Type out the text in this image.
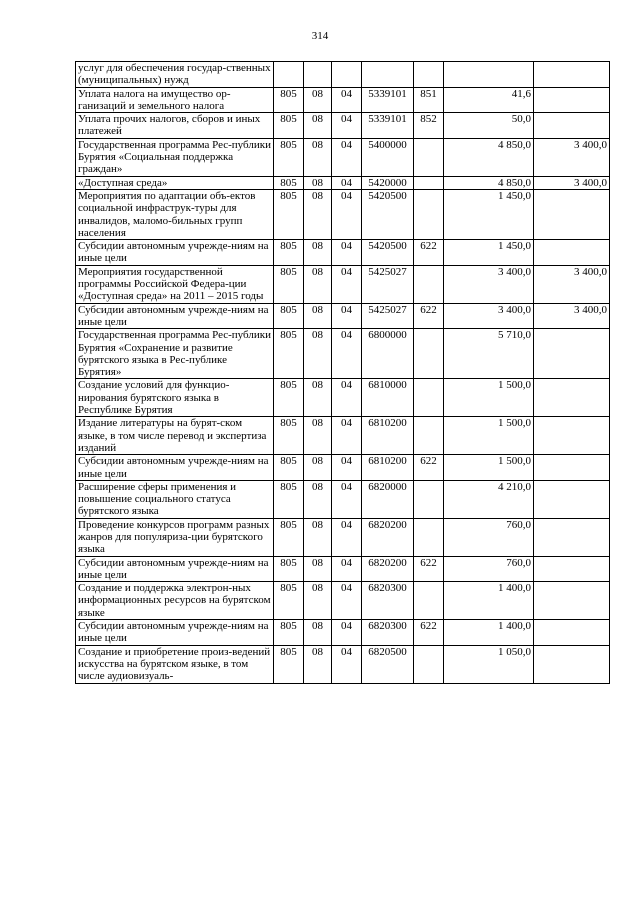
314
услуг для обеспечения государ-ственных (муниципальных) нужд							
Уплата налога на имущество ор-ганизаций и земельного налога	805	08	04	5339101	851	41,6	
Уплата прочих налогов, сборов и иных платежей	805	08	04	5339101	852	50,0	
Государственная программа Рес-публики Бурятия «Социальная поддержка граждан»	805	08	04	5400000		4 850,0	3 400,0
«Доступная среда»	805	08	04	5420000		4 850,0	3 400,0
Мероприятия по адаптации объ-ектов социальной инфраструк-туры для инвалидов, маломо-бильных групп населения	805	08	04	5420500		1 450,0	
Субсидии автономным учрежде-ниям на иные цели	805	08	04	5420500	622	1 450,0	
Мероприятия государственной программы Российской Федера-ции «Доступная среда» на 2011 – 2015 годы	805	08	04	5425027		3 400,0	3 400,0
Субсидии автономным учрежде-ниям на иные цели	805	08	04	5425027	622	3 400,0	3 400,0
Государственная программа Рес-публики Бурятия «Сохранение и развитие бурятского языка в Рес-публике Бурятия»	805	08	04	6800000		5 710,0	
Создание условий для функцио-нирования бурятского языка в Республике Бурятия	805	08	04	6810000		1 500,0	
Издание литературы на бурят-ском языке, в том числе перевод и экспертиза изданий	805	08	04	6810200		1 500,0	
Субсидии автономным учрежде-ниям на иные цели	805	08	04	6810200	622	1 500,0	
Расширение сферы применения и повышение социального статуса бурятского языка	805	08	04	6820000		4 210,0	
Проведение конкурсов программ разных жанров для популяриза-ции бурятского языка	805	08	04	6820200		760,0	
Субсидии автономным учрежде-ниям на иные цели	805	08	04	6820200	622	760,0	
Создание и поддержка электрон-ных информационных ресурсов на бурятском языке	805	08	04	6820300		1 400,0	
Субсидии автономным учрежде-ниям на иные цели	805	08	04	6820300	622	1 400,0	
Создание и приобретение произ-ведений искусства на бурятском языке, в том числе аудиовизуаль-	805	08	04	6820500		1 050,0	
